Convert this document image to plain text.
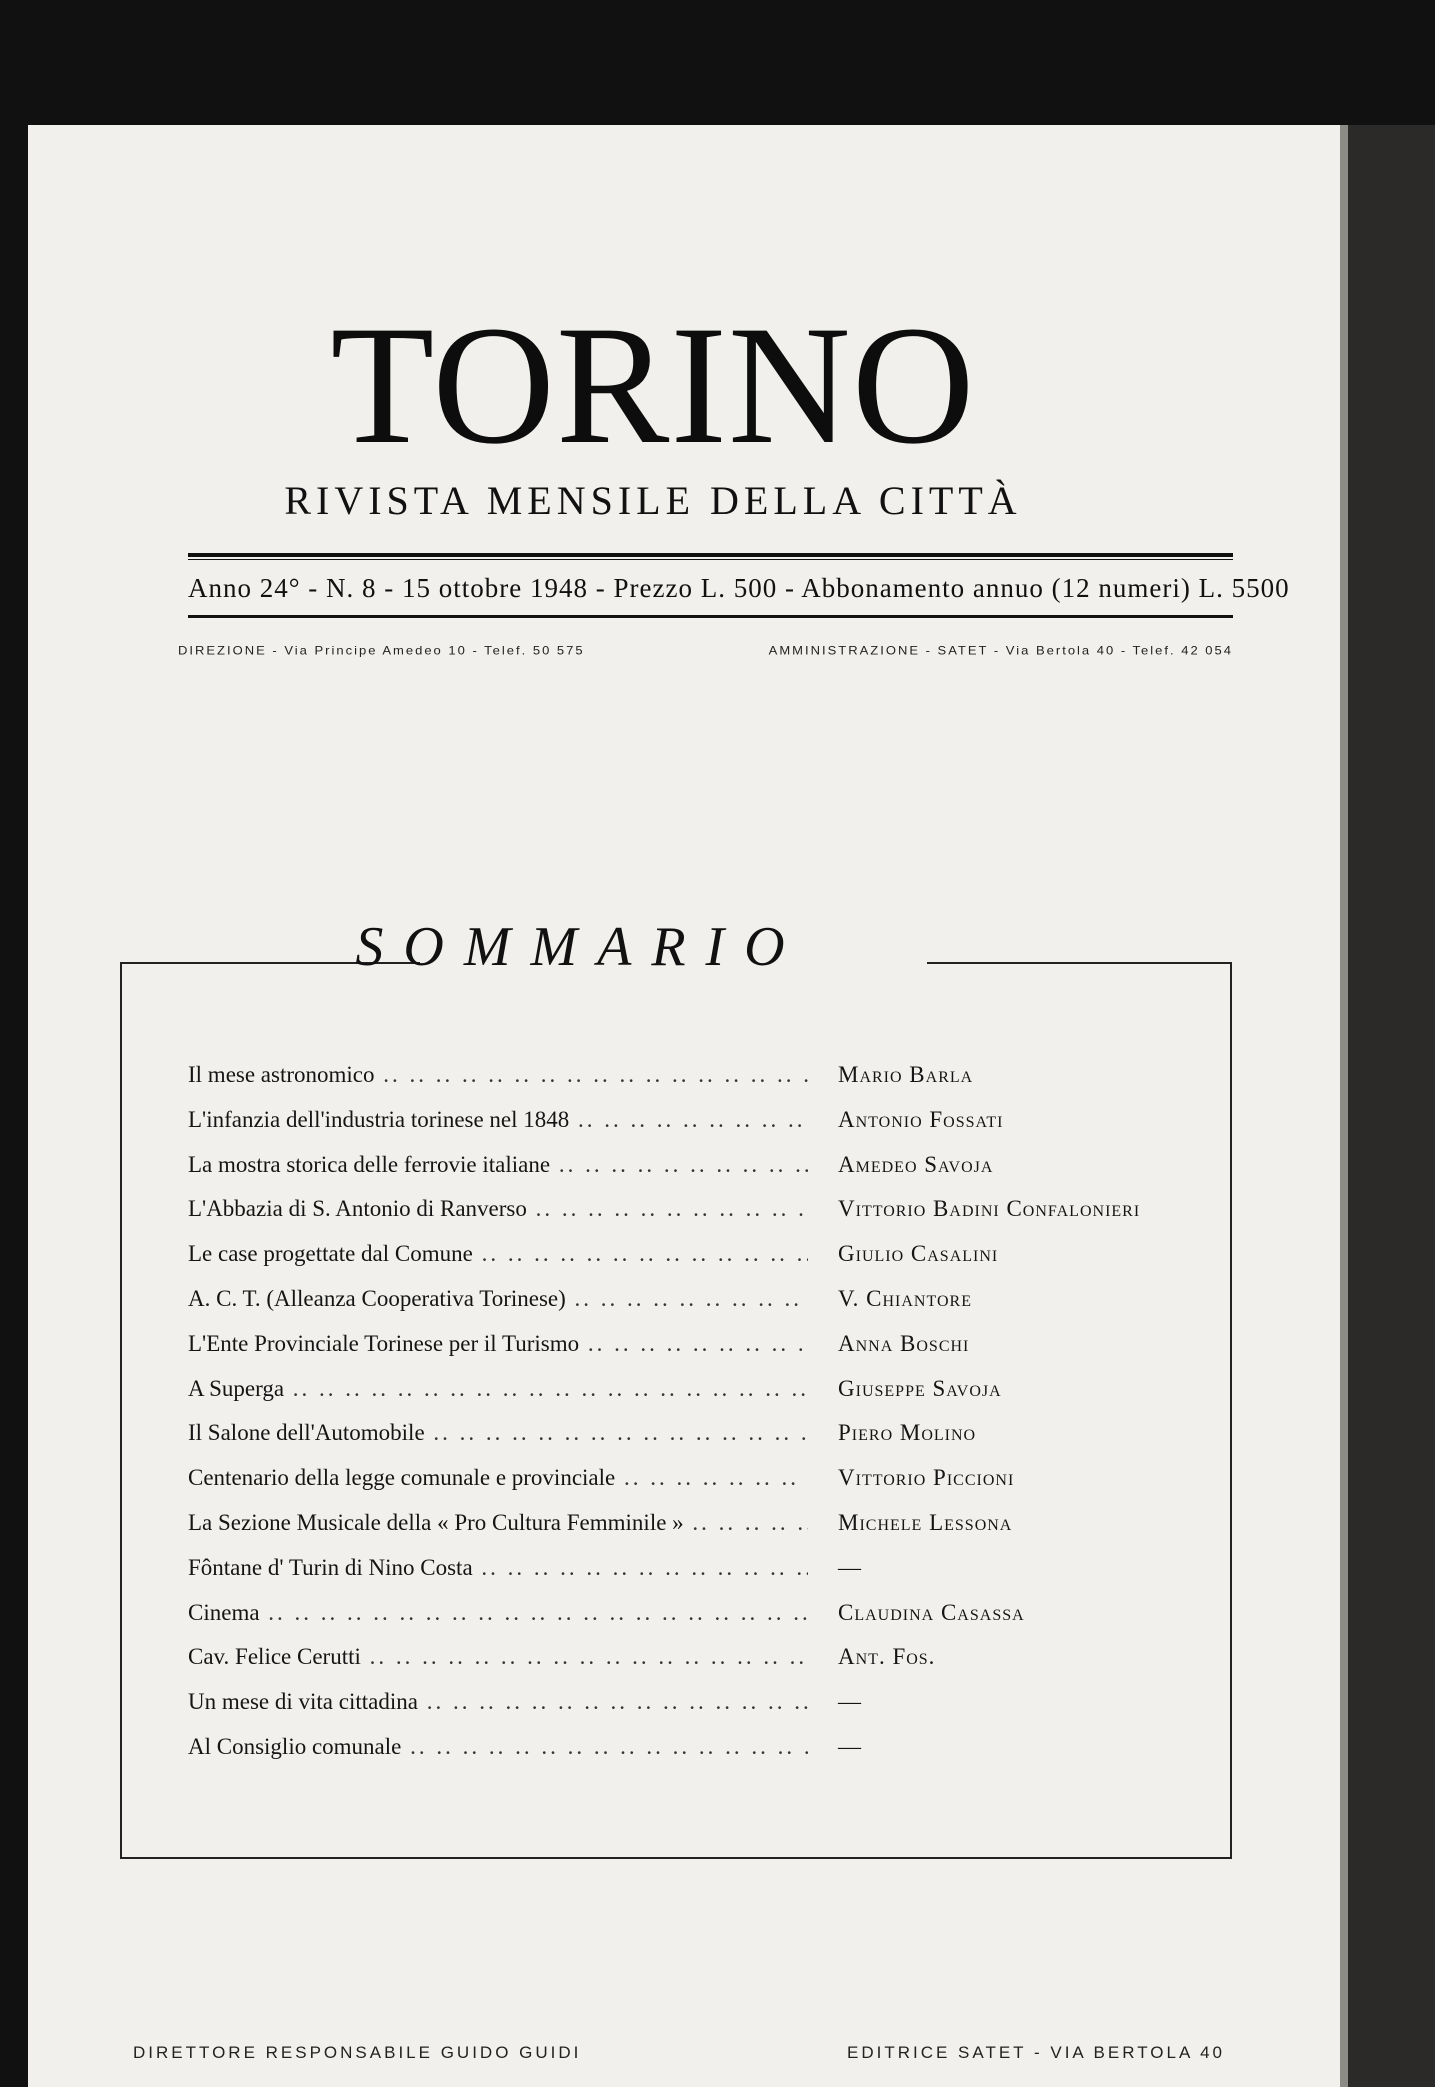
TORINO
RIVISTA MENSILE DELLA CITTÀ
Anno 24° - N. 8 - 15 ottobre 1948 - Prezzo L. 500 - Abbonamento annuo (12 numeri) L. 5500
DIREZIONE - Via Principe Amedeo 10 - Telef. 50 575	AMMINISTRAZIONE - SATET - Via Bertola 40 - Telef. 42 054
SOMMARIO
Il mese astronomico .. ..	Mario Barla
L'infanzia dell'industria torinese nel 1848 .. ..	Antonio Fossati
La mostra storica delle ferrovie italiane .. ..	Amedeo Savoja
L'Abbazia di S. Antonio di Ranverso .. ..	Vittorio Badini Confalonieri
Le case progettate dal Comune .. ..	Giulio Casalini
A. C. T. (Alleanza Cooperativa Torinese) .. ..	V. Chiantore
L'Ente Provinciale Torinese per il Turismo .. ..	Anna Boschi
A Superga .. ..	Giuseppe Savoja
Il Salone dell'Automobile .. ..	Piero Molino
Centenario della legge comunale e provinciale .. ..	Vittorio Piccioni
La Sezione Musicale della « Pro Cultura Femminile » .. ..	Michele Lessona
Fôntane d' Turin di Nino Costa .. ..	—
Cinema .. ..	Claudina Casassa
Cav. Felice Cerutti .. ..	Ant. Fos.
Un mese di vita cittadina .. ..	—
Al Consiglio comunale .. ..	—
DIRETTORE RESPONSABILE GUIDO GUIDI	EDITRICE SATET - VIA BERTOLA 40
